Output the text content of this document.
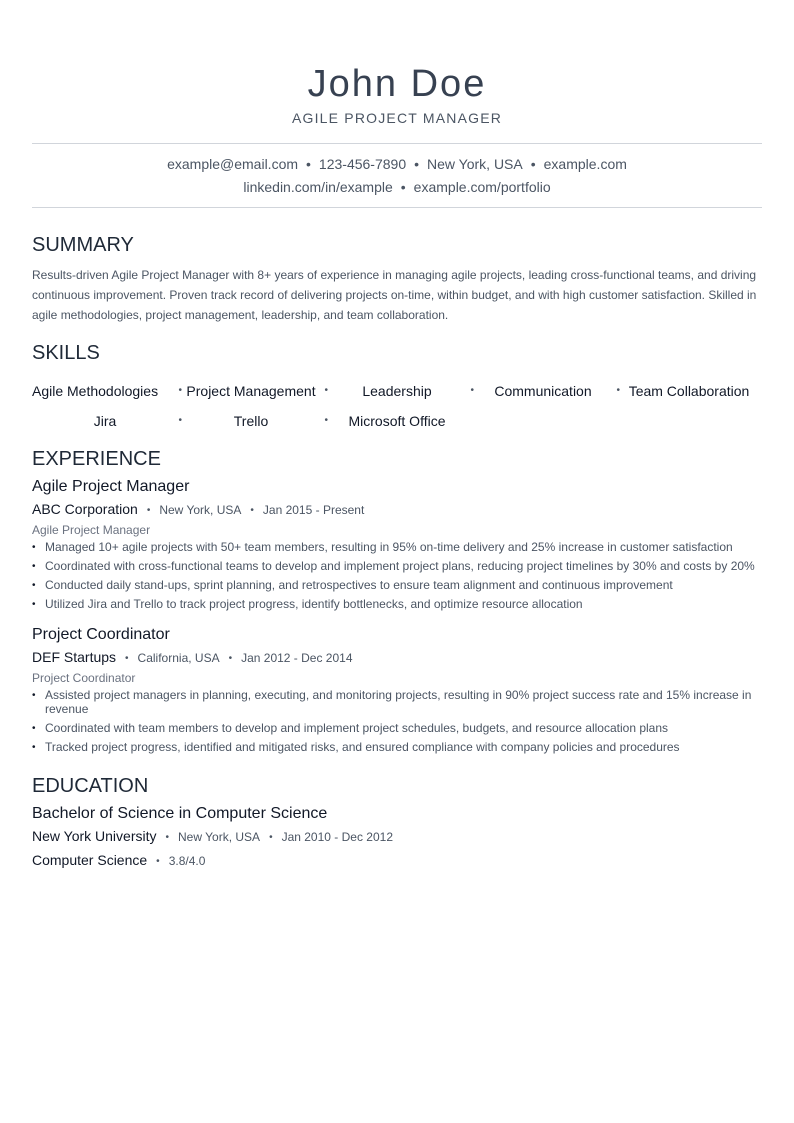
John Doe
AGILE PROJECT MANAGER
example@email.com • 123-456-7890 • New York, USA • example.com
linkedin.com/in/example • example.com/portfolio
SUMMARY
Results-driven Agile Project Manager with 8+ years of experience in managing agile projects, leading cross-functional teams, and driving continuous improvement. Proven track record of delivering projects on-time, within budget, and with high customer satisfaction. Skilled in agile methodologies, project management, leadership, and team collaboration.
SKILLS
Agile Methodologies •	Project Management •	Leadership •	Communication •	Team Collaboration
Jira •	Trello •	Microsoft Office
EXPERIENCE
Agile Project Manager
ABC Corporation • New York, USA • Jan 2015 - Present
Agile Project Manager
• Managed 10+ agile projects with 50+ team members, resulting in 95% on-time delivery and 25% increase in customer satisfaction
• Coordinated with cross-functional teams to develop and implement project plans, reducing project timelines by 30% and costs by 20%
• Conducted daily stand-ups, sprint planning, and retrospectives to ensure team alignment and continuous improvement
• Utilized Jira and Trello to track project progress, identify bottlenecks, and optimize resource allocation
Project Coordinator
DEF Startups • California, USA • Jan 2012 - Dec 2014
Project Coordinator
• Assisted project managers in planning, executing, and monitoring projects, resulting in 90% project success rate and 15% increase in revenue
• Coordinated with team members to develop and implement project schedules, budgets, and resource allocation plans
• Tracked project progress, identified and mitigated risks, and ensured compliance with company policies and procedures
EDUCATION
Bachelor of Science in Computer Science
New York University • New York, USA • Jan 2010 - Dec 2012
Computer Science • 3.8/4.0
